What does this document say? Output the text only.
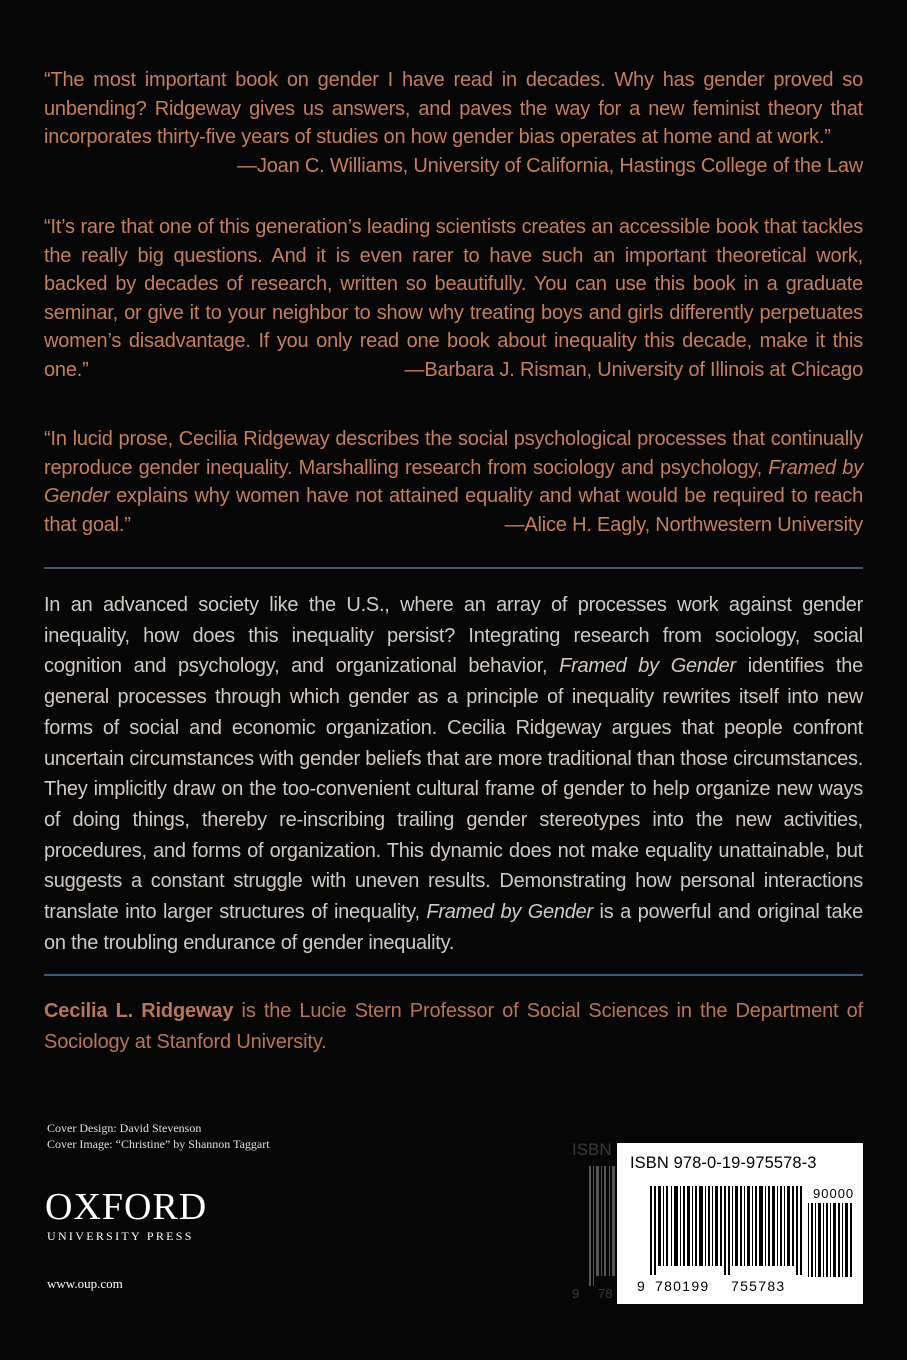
“The most important book on gender I have read in decades. Why has gender proved so unbending? Ridgeway gives us answers, and paves the way for a new feminist theory that incorporates thirty-five years of studies on how gender bias operates at home and at work.”
—Joan C. Williams, University of California, Hastings College of the Law
“It’s rare that one of this generation’s leading scientists creates an accessible book that tackles the really big questions. And it is even rarer to have such an important theoretical work, backed by decades of research, written so beautifully. You can use this book in a graduate seminar, or give it to your neighbor to show why treating boys and girls differently perpetuates women’s disadvantage. If you only read one book about inequality this decade, make it this one.”	—Barbara J. Risman, University of Illinois at Chicago
“In lucid prose, Cecilia Ridgeway describes the social psychological processes that continually reproduce gender inequality. Marshalling research from sociology and psychology, Framed by Gender explains why women have not attained equality and what would be required to reach that goal.”	—Alice H. Eagly, Northwestern University
In an advanced society like the U.S., where an array of processes work against gender inequality, how does this inequality persist? Integrating research from sociology, social cognition and psychology, and organizational behavior, Framed by Gender identifies the general processes through which gender as a principle of inequality rewrites itself into new forms of social and economic organization. Cecilia Ridgeway argues that people confront uncertain circumstances with gender beliefs that are more traditional than those circumstances. They implicitly draw on the too-convenient cultural frame of gender to help organize new ways of doing things, thereby re-inscribing trailing gender stereotypes into the new activities, procedures, and forms of organization. This dynamic does not make equality unattainable, but suggests a constant struggle with uneven results. Demonstrating how personal interactions translate into larger structures of inequality, Framed by Gender is a powerful and original take on the troubling endurance of gender inequality.
Cecilia L. Ridgeway is the Lucie Stern Professor of Social Sciences in the Department of Sociology at Stanford University.
Cover Design: David Stevenson
Cover Image: “Christine” by Shannon Taggart
OXFORD
UNIVERSITY PRESS
www.oup.com
ISBN
9 78
ISBN 978-0-19-975578-3
90000
9 780199 755783
